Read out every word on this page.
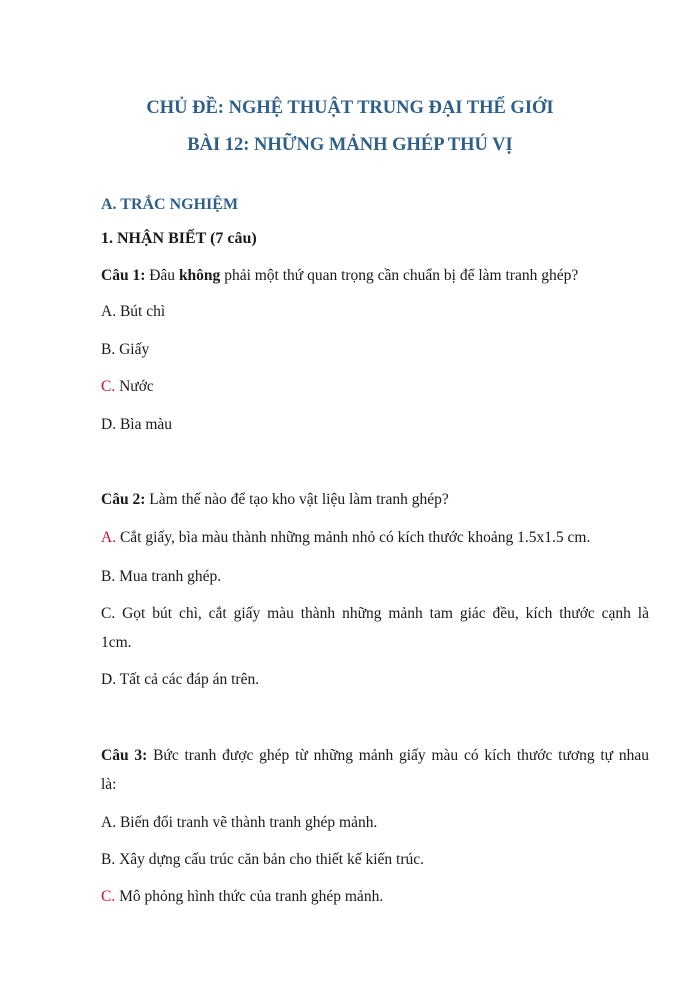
CHỦ ĐỀ: NGHỆ THUẬT TRUNG ĐẠI THẾ GIỚI
BÀI 12: NHỮNG MẢNH GHÉP THÚ VỊ
A. TRẮC NGHIỆM
1. NHẬN BIẾT (7 câu)
Câu 1: Đâu không phải một thứ quan trọng cần chuẩn bị để làm tranh ghép?
A. Bút chì
B. Giấy
C. Nước
D. Bìa màu
Câu 2: Làm thế nào để tạo kho vật liệu làm tranh ghép?
A. Cắt giấy, bìa màu thành những mảnh nhỏ có kích thước khoảng 1.5x1.5 cm.
B. Mua tranh ghép.
C. Gọt bút chì, cắt giấy màu thành những mảnh tam giác đều, kích thước cạnh là
1cm.
D. Tất cả các đáp án trên.
Câu 3: Bức tranh được ghép từ những mảnh giấy màu có kích thước tương tự nhau
là:
A. Biến đổi tranh vẽ thành tranh ghép mảnh.
B. Xây dựng cấu trúc căn bản cho thiết kế kiến trúc.
C. Mô phỏng hình thức của tranh ghép mảnh.
